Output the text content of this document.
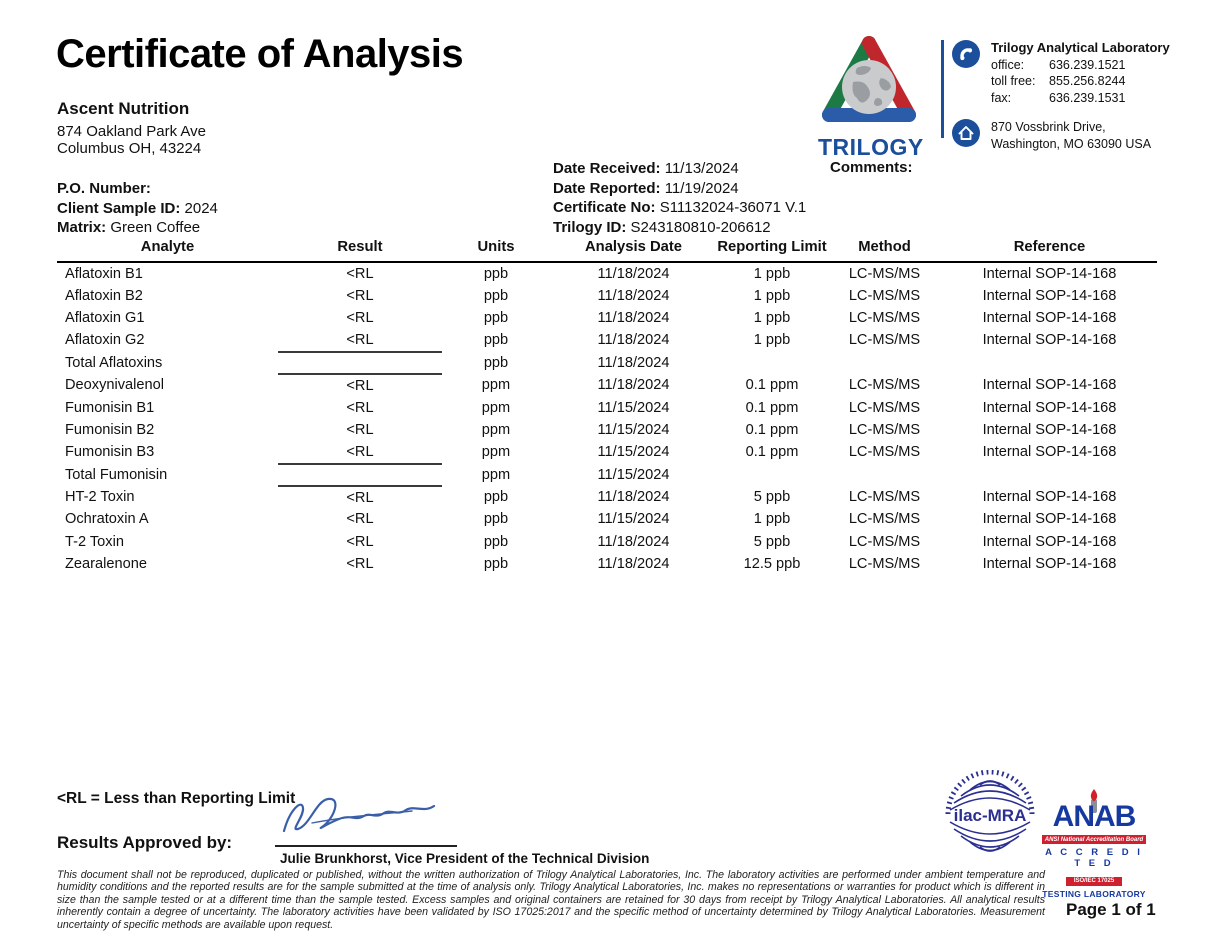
Certificate of Analysis
TRILOGY
Trilogy Analytical Laboratory
office:	636.239.1521
toll free:	855.256.8244
fax:	636.239.1531
870 Vossbrink Drive,
Washington, MO 63090 USA
Ascent Nutrition
874 Oakland Park Ave
Columbus OH, 43224
P.O. Number:
Client Sample ID: 2024
Matrix: Green Coffee
Date Received: 11/13/2024
Date Reported: 11/19/2024
Certificate No: S11132024-36071 V.1
Trilogy ID: S243180810-206612
Comments:
Analyte	Result	Units	Analysis Date	Reporting Limit	Method	Reference
Aflatoxin B1	<RL	ppb	11/18/2024	1 ppb	LC-MS/MS	Internal SOP-14-168
Aflatoxin B2	<RL	ppb	11/18/2024	1 ppb	LC-MS/MS	Internal SOP-14-168
Aflatoxin G1	<RL	ppb	11/18/2024	1 ppb	LC-MS/MS	Internal SOP-14-168
Aflatoxin G2	<RL	ppb	11/18/2024	1 ppb	LC-MS/MS	Internal SOP-14-168
Total Aflatoxins		ppb	11/18/2024			
Deoxynivalenol	<RL	ppm	11/18/2024	0.1 ppm	LC-MS/MS	Internal SOP-14-168
Fumonisin B1	<RL	ppm	11/15/2024	0.1 ppm	LC-MS/MS	Internal SOP-14-168
Fumonisin B2	<RL	ppm	11/15/2024	0.1 ppm	LC-MS/MS	Internal SOP-14-168
Fumonisin B3	<RL	ppm	11/15/2024	0.1 ppm	LC-MS/MS	Internal SOP-14-168
Total Fumonisin		ppm	11/15/2024			
HT-2 Toxin	<RL	ppb	11/18/2024	5 ppb	LC-MS/MS	Internal SOP-14-168
Ochratoxin A	<RL	ppb	11/15/2024	1 ppb	LC-MS/MS	Internal SOP-14-168
T-2 Toxin	<RL	ppb	11/18/2024	5 ppb	LC-MS/MS	Internal SOP-14-168
Zearalenone	<RL	ppb	11/18/2024	12.5 ppb	LC-MS/MS	Internal SOP-14-168
<RL = Less than Reporting Limit
Results Approved by:
Julie Brunkhorst, Vice President of the Technical Division
This document shall not be reproduced, duplicated or published, without the written authorization of Trilogy Analytical Laboratories, Inc. The laboratory activities are performed under ambient temperature and humidity conditions and the reported results are for the sample submitted at the time of analysis only. Trilogy Analytical Laboratories, Inc. makes no representations or warranties for product which is different in size than the sample tested or at a different time than the sample tested. Excess samples and original containers are retained for 30 days from receipt by Trilogy Analytical Laboratories. All analytical results inherently contain a degree of uncertainty. The laboratory activities have been validated by ISO 17025:2017 and the specific method of uncertainty determined by Trilogy Analytical Laboratories. Measurement uncertainty of specific methods are available upon request.
Page 1 of 1
ilac-MRA ANAB
ANSI National Accreditation Board
A C C R E D I T E D
ISO/IEC 17025
TESTING LABORATORY
